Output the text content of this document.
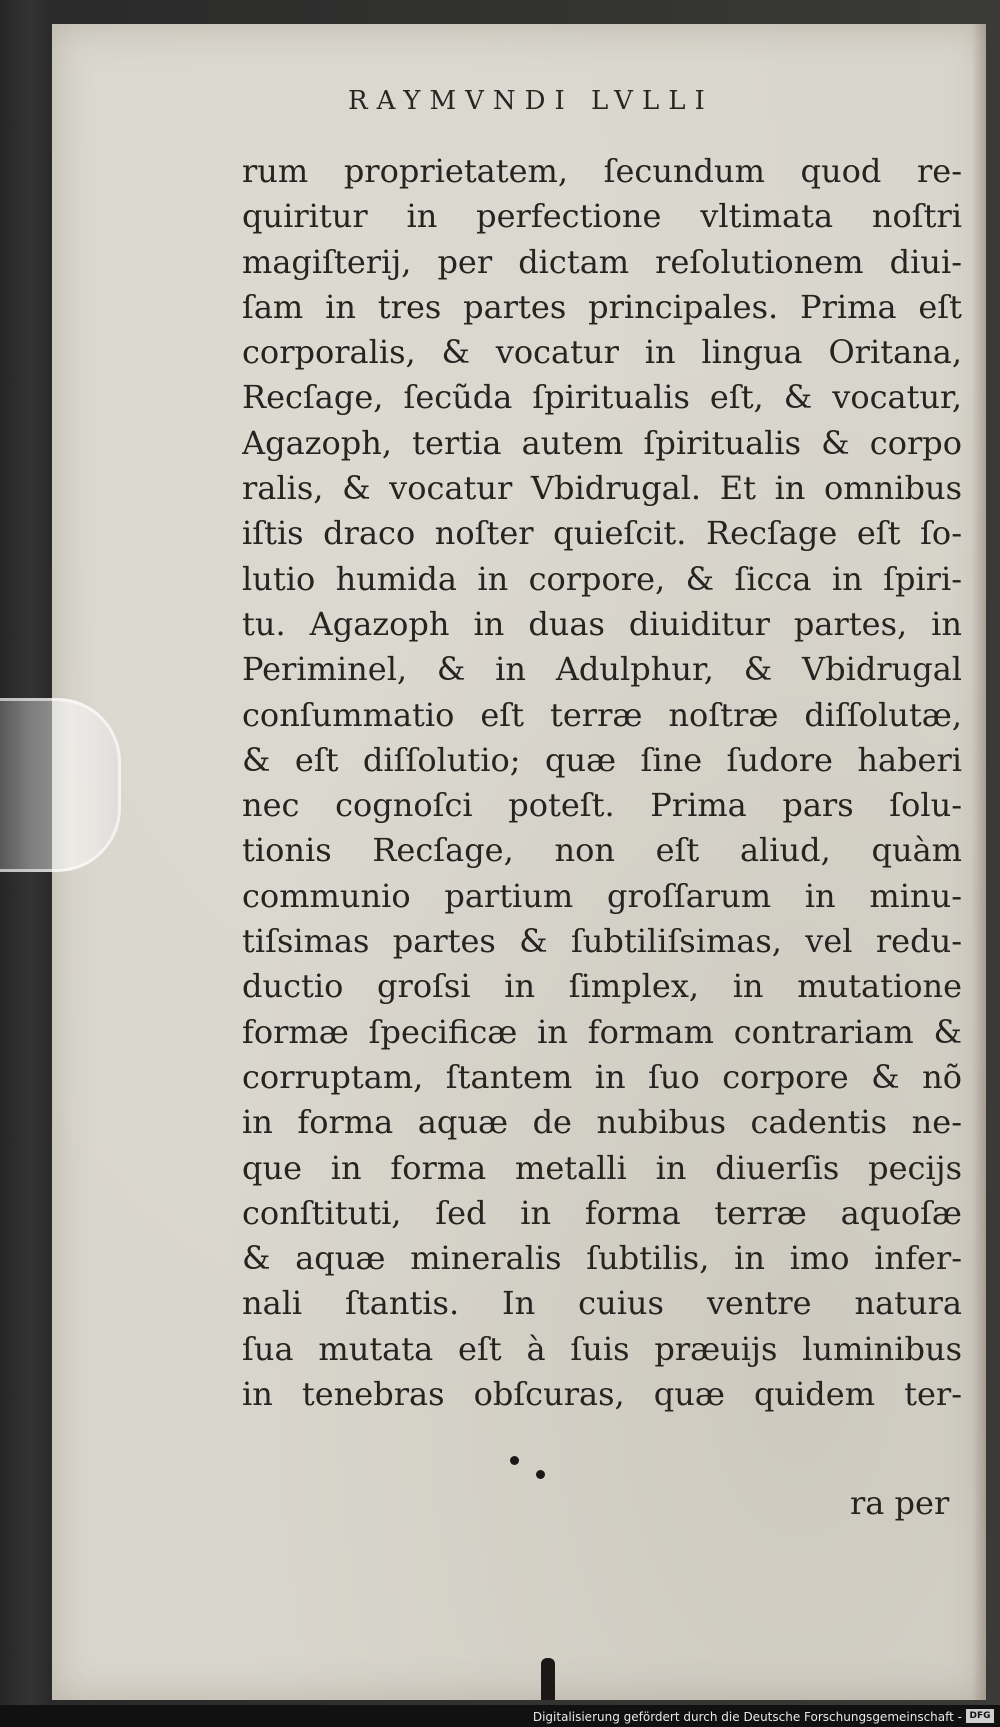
RAYMVNDI LVLLI
rum proprietatem, ſecundum quod re-
quiritur in perfectione vltimata noſtri
magiſterij, per dictam reſolutionem diui-
ſam in tres partes principales. Prima eſt
corporalis, & vocatur in lingua Oritana,
Recſage, ſecũda ſpiritualis eſt, & vocatur,
Agazoph, tertia autem ſpiritualis & corpo
ralis, & vocatur Vbidrugal. Et in omnibus
iſtis draco noſter quieſcit. Recſage eſt ſo-
lutio humida in corpore, & ſicca in ſpiri-
tu. Agazoph in duas diuiditur partes, in
Periminel, & in Adulphur, & Vbidrugal
conſummatio eſt terræ noſtræ diſſolutæ,
& eſt diſſolutio; quæ ſine ſudore haberi
nec cognoſci poteſt. Prima pars ſolu-
tionis Recſage, non eſt aliud, quàm
communio partium groſſarum in minu-
tiſsimas partes & ſubtiliſsimas, vel redu-
ductio groſsi in ſimplex, in mutatione
formæ ſpecificæ in formam contrariam &
corruptam, ſtantem in ſuo corpore & nõ
in forma aquæ de nubibus cadentis ne-
que in forma metalli in diuerſis pecijs
conſtituti, ſed in forma terræ aquoſæ
& aquæ mineralis ſubtilis, in imo infer-
nali ſtantis. In cuius ventre natura
ſua mutata eſt à ſuis præuijs luminibus
in tenebras obſcuras, quæ quidem ter-
ra per
Digitalisierung gefördert durch die Deutsche Forschungsgemeinschaft - DFG
